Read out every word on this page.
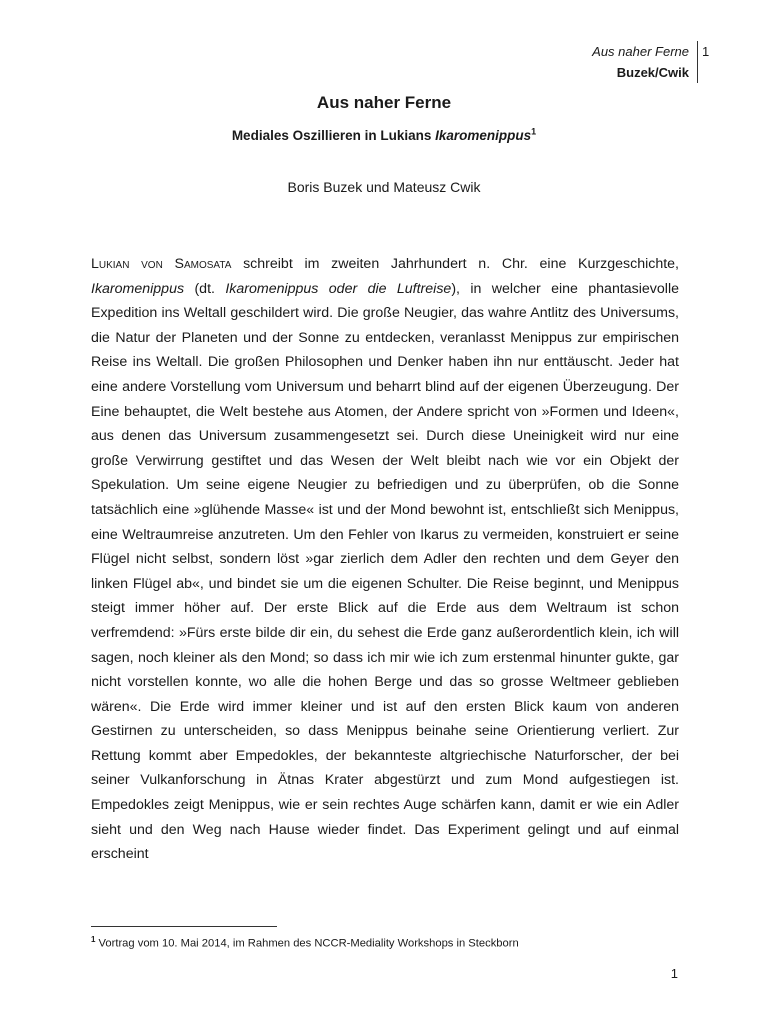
Aus naher Ferne
Buzek/Cwik
1
Aus naher Ferne
Mediales Oszillieren in Lukians Ikaromenippus$^1$
Boris Buzek und Mateusz Cwik

Lukian von Samosata schreibt im zweiten Jahrhundert n. Chr. eine Kurzgeschichte, Ikaromenippus (dt. Ikaromenippus oder die Luftreise), in welcher eine phantasievolle Expedition ins Weltall geschildert wird. Die große Neugier, das wahre Antlitz des Universums, die Natur der Planeten und der Sonne zu entdecken, veranlasst Menippus zur empirischen Reise ins Weltall. Die großen Philosophen und Denker haben ihn nur enttäuscht. Jeder hat eine andere Vorstellung vom Universum und beharrt blind auf der eigenen Überzeugung. Der Eine behauptet, die Welt bestehe aus Atomen, der Andere spricht von »Formen und Ideen«, aus denen das Universum zusammengesetzt sei. Durch diese Uneinigkeit wird nur eine große Verwirrung gestiftet und das Wesen der Welt bleibt nach wie vor ein Objekt der Spekulation. Um seine eigene Neugier zu befriedigen und zu überprüfen, ob die Sonne tatsächlich eine »glühende Masse« ist und der Mond bewohnt ist, entschließt sich Menippus, eine Weltraumreise anzutreten. Um den Fehler von Ikarus zu vermeiden, konstruiert er seine Flügel nicht selbst, sondern löst »gar zierlich dem Adler den rechten und dem Geyer den linken Flügel ab«, und bindet sie um die eigenen Schulter. Die Reise beginnt, und Menippus steigt immer höher auf. Der erste Blick auf die Erde aus dem Weltraum ist schon verfremdend: »Fürs erste bilde dir ein, du sehest die Erde ganz außerordentlich klein, ich will sagen, noch kleiner als den Mond; so dass ich mir wie ich zum erstenmal hinunter gukte, gar nicht vorstellen konnte, wo alle die hohen Berge und das so grosse Weltmeer geblieben wären«. Die Erde wird immer kleiner und ist auf den ersten Blick kaum von anderen Gestirnen zu unterscheiden, so dass Menippus beinahe seine Orientierung verliert. Zur Rettung kommt aber Empedokles, der bekannteste altgriechische Naturforscher, der bei seiner Vulkanforschung in Ätnas Krater abgestürzt und zum Mond aufgestiegen ist. Empedokles zeigt Menippus, wie er sein rechtes Auge schärfen kann, damit er wie ein Adler sieht und den Weg nach Hause wieder findet. Das Experiment gelingt und auf einmal erscheint

$^1$ Vortrag vom 10. Mai 2014, im Rahmen des NCCR-Mediality Workshops in Steckborn
1
